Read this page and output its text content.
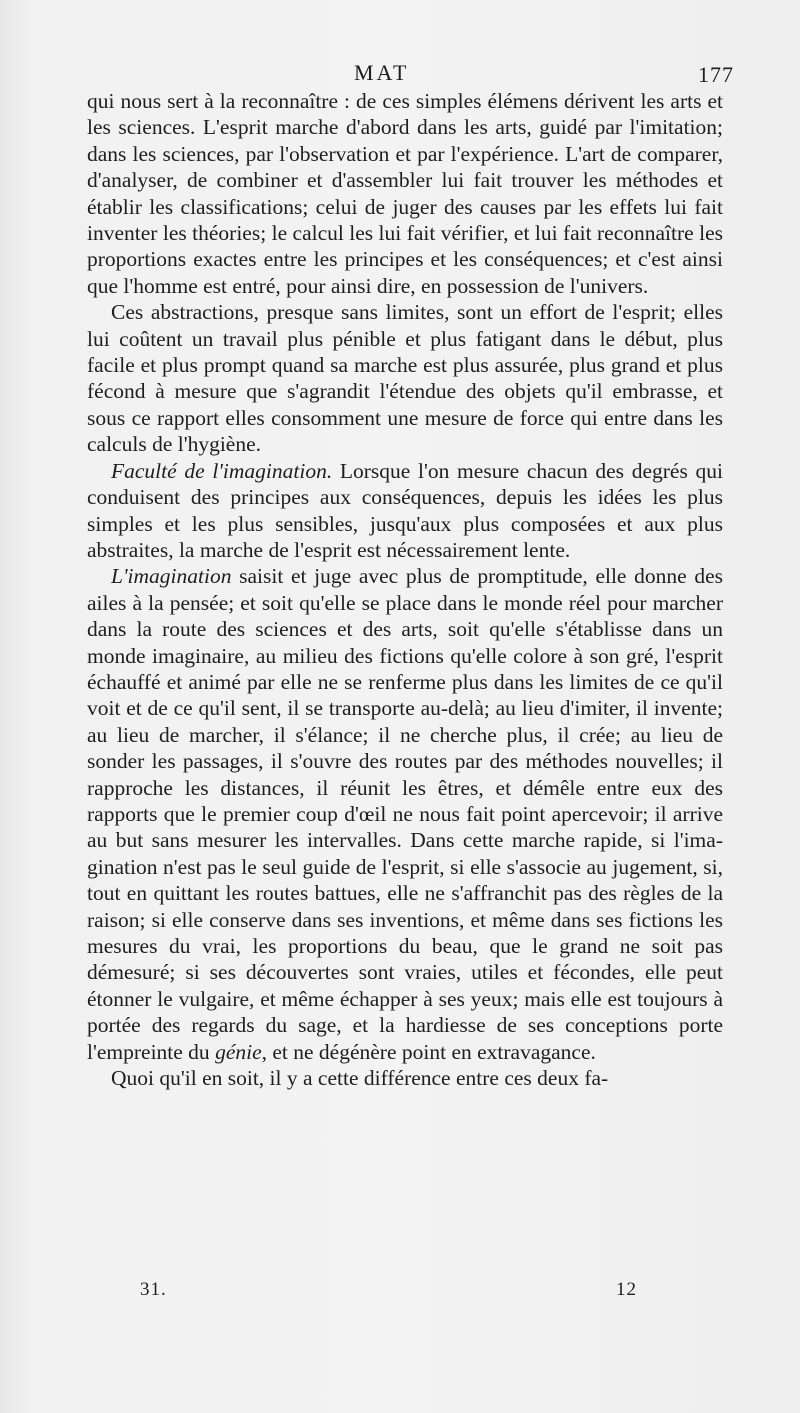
MAT	177

qui nous sert à la reconnaître : de ces simples élémens dérivent les arts et les sciences. L'esprit marche d'abord dans les arts, guidé par l'imitation; dans les sciences, par l'observation et par l'expérience. L'art de comparer, d'analyser, de combiner et d'assembler lui fait trouver les méthodes et établir les classifications; celui de juger des causes par les effets lui fait inventer les théories; le calcul les lui fait vérifier, et lui fait reconnaître les proportions exactes entre les principes et les conséquences; et c'est ainsi que l'homme est entré, pour ainsi dire, en possession de l'univers.

Ces abstractions, presque sans limites, sont un effort de l'esprit; elles lui coûtent un travail plus pénible et plus fatigant dans le début, plus facile et plus prompt quand sa marche est plus assurée, plus grand et plus fécond à mesure que s'agrandit l'étendue des objets qu'il embrasse, et sous ce rapport elles consomment une mesure de force qui entre dans les calculs de l'hygiène.

Faculté de l'imagination. Lorsque l'on mesure chacun des degrés qui conduisent des principes aux conséquences, depuis les idées les plus simples et les plus sensibles, jusqu'aux plus composées et aux plus abstraites, la marche de l'esprit est nécessairement lente.

L'imagination saisit et juge avec plus de promptitude, elle donne des ailes à la pensée; et soit qu'elle se place dans le monde réel pour marcher dans la route des sciences et des arts, soit qu'elle s'établisse dans un monde imaginaire, au milieu des fictions qu'elle colore à son gré, l'esprit échauffé et animé par elle ne se renferme plus dans les limites de ce qu'il voit et de ce qu'il sent, il se transporte au-delà; au lieu d'imiter, il invente; au lieu de marcher, il s'élance; il ne cherche plus, il crée; au lieu de sonder les passages, il s'ouvre des routes par des méthodes nouvelles; il rapproche les distances, il réunit les êtres, et démêle entre eux des rapports que le premier coup d'œil ne nous fait point apercevoir; il arrive au but sans mesurer les intervalles. Dans cette marche rapide, si l'imagination n'est pas le seul guide de l'esprit, si elle s'associe au jugement, si, tout en quittant les routes battues, elle ne s'affranchit pas des règles de la raison; si elle conserve dans ses inventions, et même dans ses fictions les mesures du vrai, les proportions du beau, que le grand ne soit pas démesuré; si ses découvertes sont vraies, utiles et fécondes, elle peut étonner le vulgaire, et même échapper à ses yeux; mais elle est toujours à portée des regards du sage, et la hardiesse de ses conceptions porte l'empreinte du génie, et ne dégénère point en extravagance.

Quoi qu'il en soit, il y a cette différence entre ces deux fa-

31.	12
